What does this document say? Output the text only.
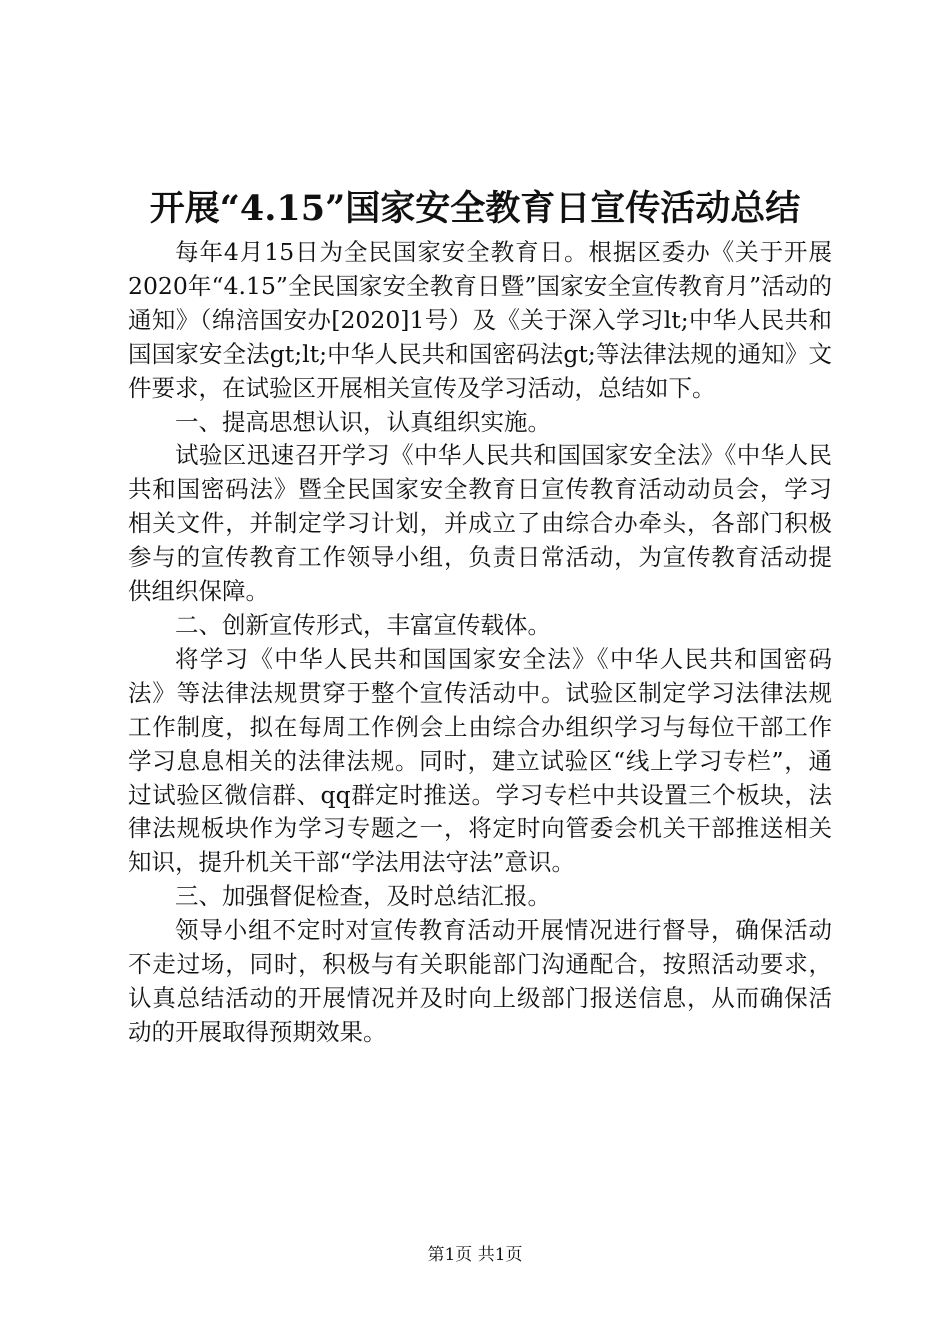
开展“4.15”国家安全教育日宣传活动总结

每年4月15日为全民国家安全教育日。根据区委办《关于开展2020年“4.15”全民国家安全教育日暨”国家安全宣传教育月”活动的通知》（绵涪国安办[2020]1号）及《关于深入学习lt;中华人民共和国国家安全法gt;lt;中华人民共和国密码法gt;等法律法规的通知》文件要求，在试验区开展相关宣传及学习活动，总结如下。

一、提高思想认识，认真组织实施。

试验区迅速召开学习《中华人民共和国国家安全法》《中华人民共和国密码法》暨全民国家安全教育日宣传教育活动动员会，学习相关文件，并制定学习计划，并成立了由综合办牵头，各部门积极参与的宣传教育工作领导小组，负责日常活动，为宣传教育活动提供组织保障。

二、创新宣传形式，丰富宣传载体。

将学习《中华人民共和国国家安全法》《中华人民共和国密码法》等法律法规贯穿于整个宣传活动中。试验区制定学习法律法规工作制度，拟在每周工作例会上由综合办组织学习与每位干部工作学习息息相关的法律法规。同时，建立试验区“线上学习专栏”，通过试验区微信群、qq群定时推送。学习专栏中共设置三个板块，法律法规板块作为学习专题之一，将定时向管委会机关干部推送相关知识，提升机关干部“学法用法守法”意识。

三、加强督促检查，及时总结汇报。

领导小组不定时对宣传教育活动开展情况进行督导，确保活动不走过场，同时，积极与有关职能部门沟通配合，按照活动要求，认真总结活动的开展情况并及时向上级部门报送信息，从而确保活动的开展取得预期效果。

第1页 共1页
